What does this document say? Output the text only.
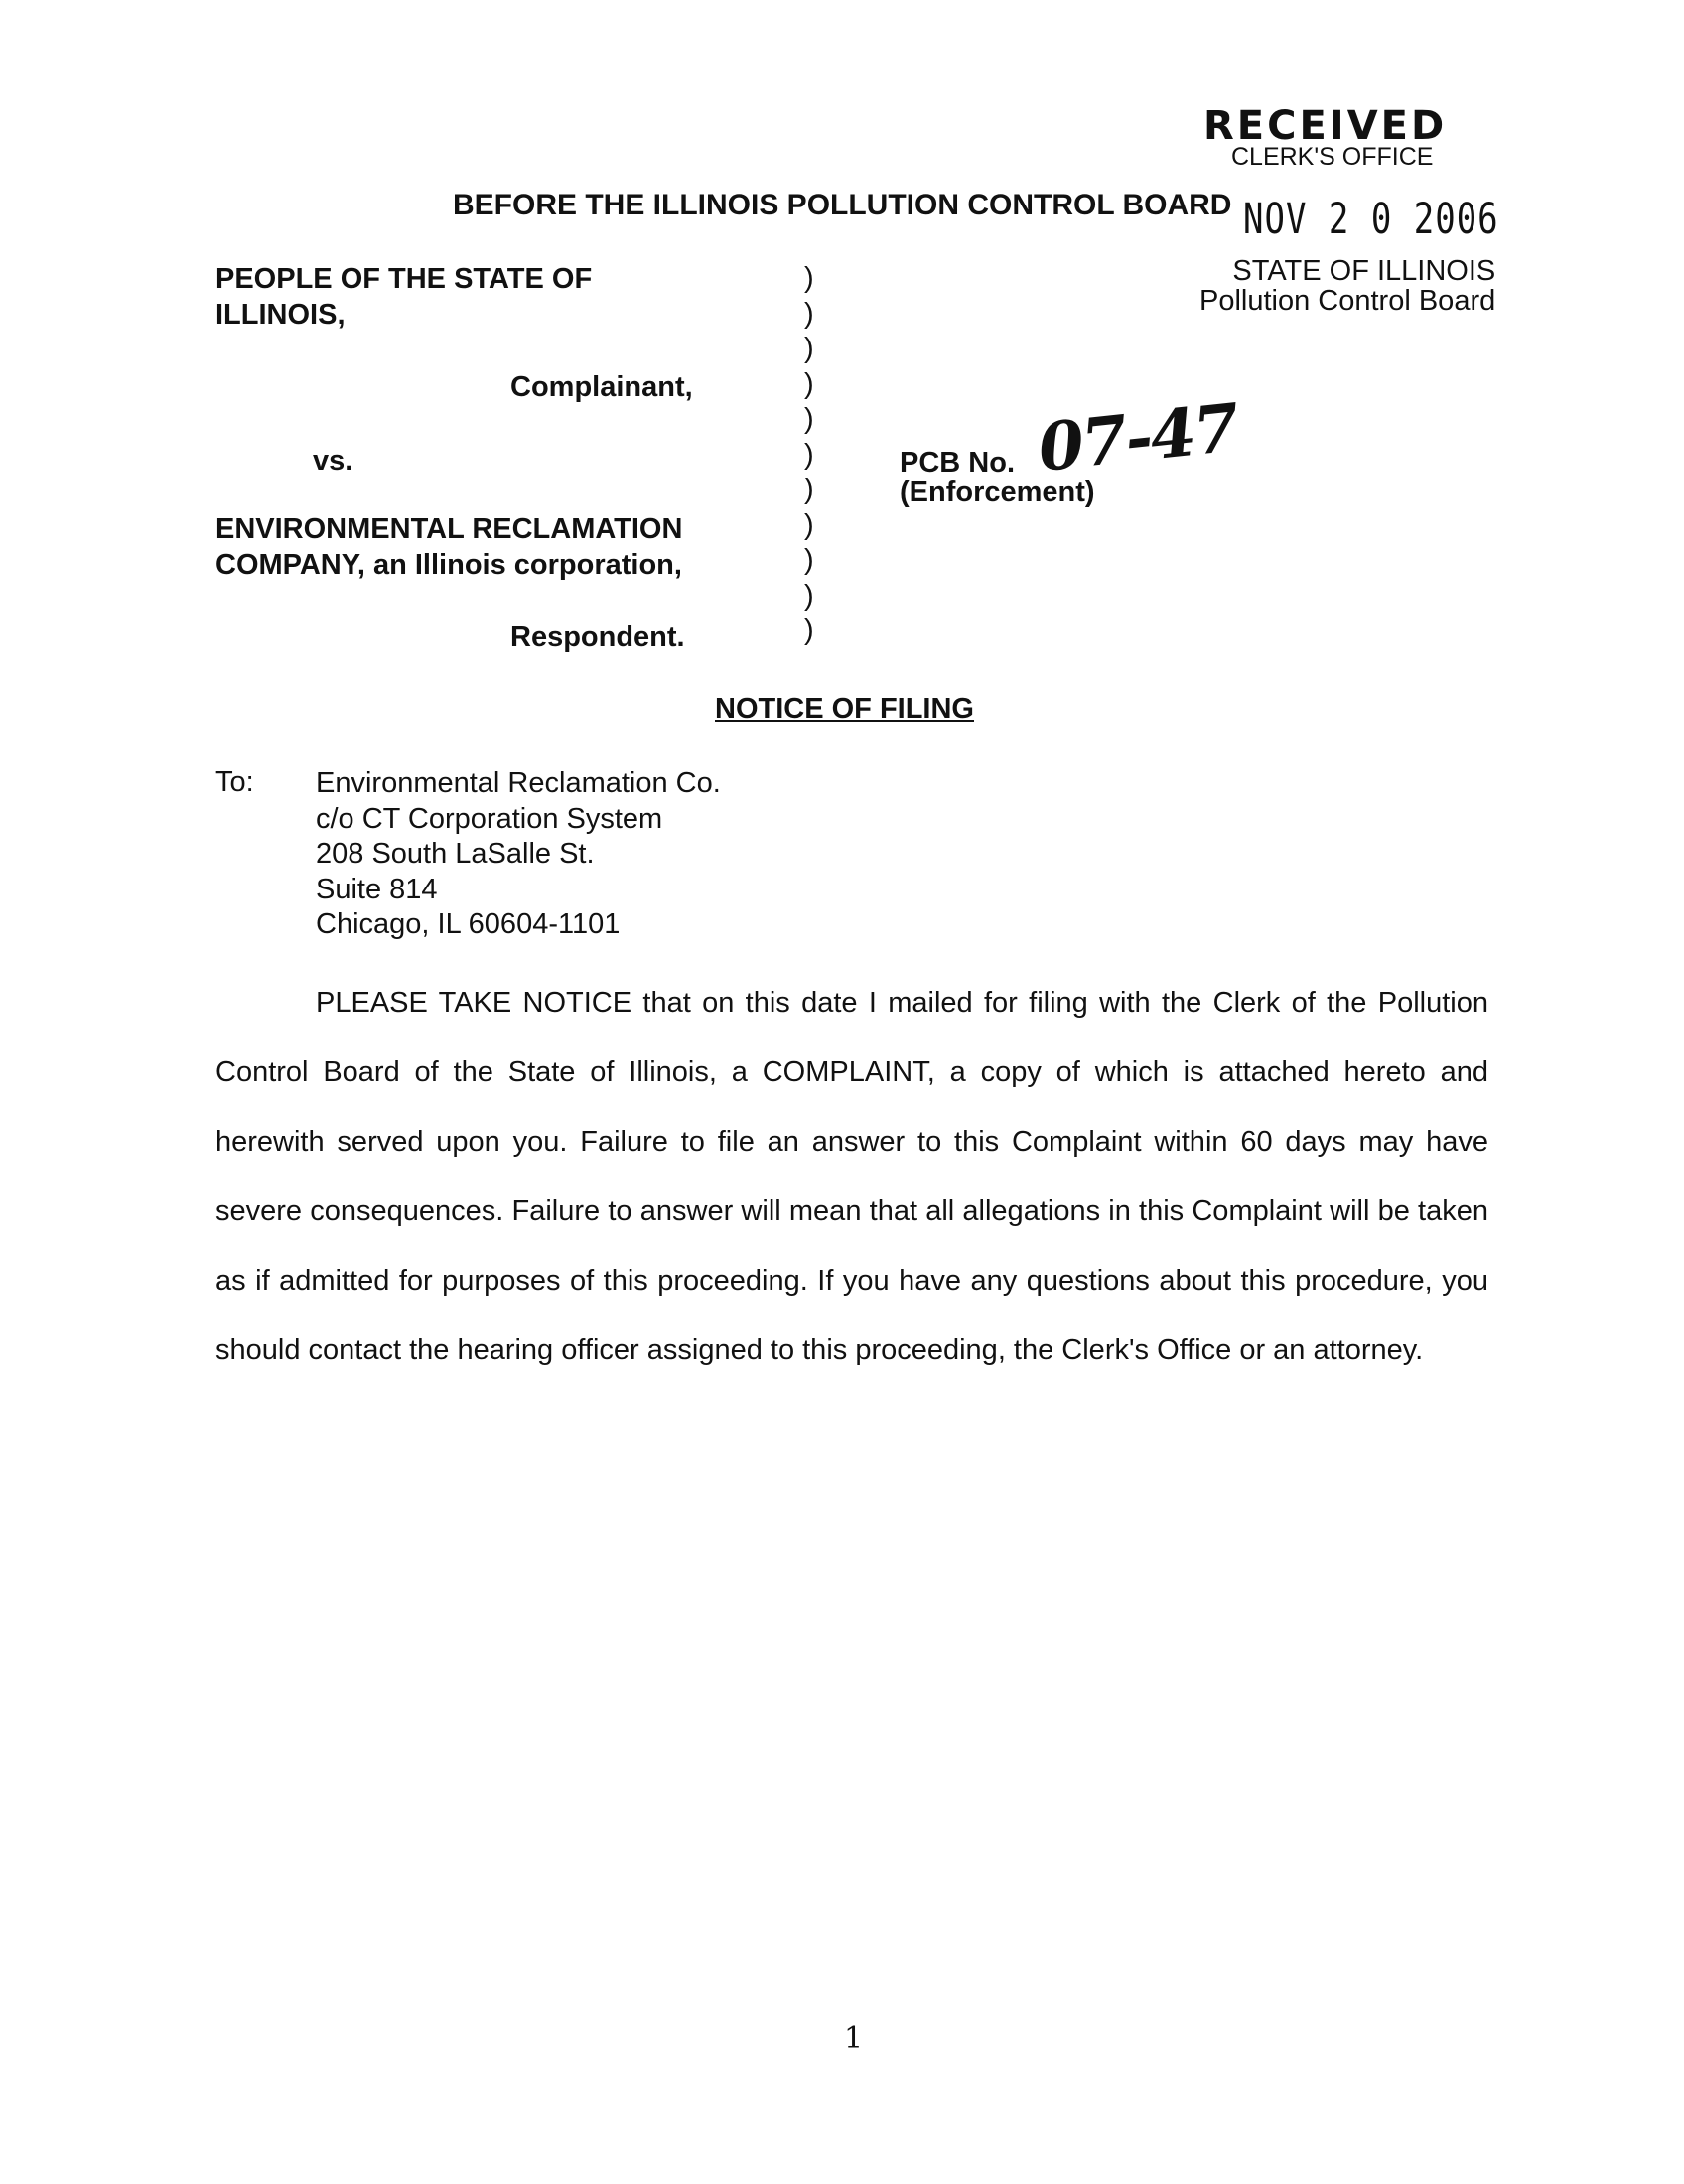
RECEIVED
CLERK'S OFFICE
NOV 2 0 2006
STATE OF ILLINOIS
Pollution Control Board
BEFORE THE ILLINOIS POLLUTION CONTROL BOARD
PEOPLE OF THE STATE OF
ILLINOIS,
Complainant,
vs.
ENVIRONMENTAL RECLAMATION
COMPANY, an Illinois corporation,
Respondent.
)
)
)
)
)
)
)
)
)
)
)
PCB No. 07-47
(Enforcement)
NOTICE OF FILING
To: Environmental Reclamation Co.
c/o CT Corporation System
208 South LaSalle St.
Suite 814
Chicago, IL 60604-1101
PLEASE TAKE NOTICE that on this date I mailed for filing with the Clerk of the Pollution Control Board of the State of Illinois, a COMPLAINT, a copy of which is attached hereto and herewith served upon you. Failure to file an answer to this Complaint within 60 days may have severe consequences. Failure to answer will mean that all allegations in this Complaint will be taken as if admitted for purposes of this proceeding. If you have any questions about this procedure, you should contact the hearing officer assigned to this proceeding, the Clerk's Office or an attorney.
1
